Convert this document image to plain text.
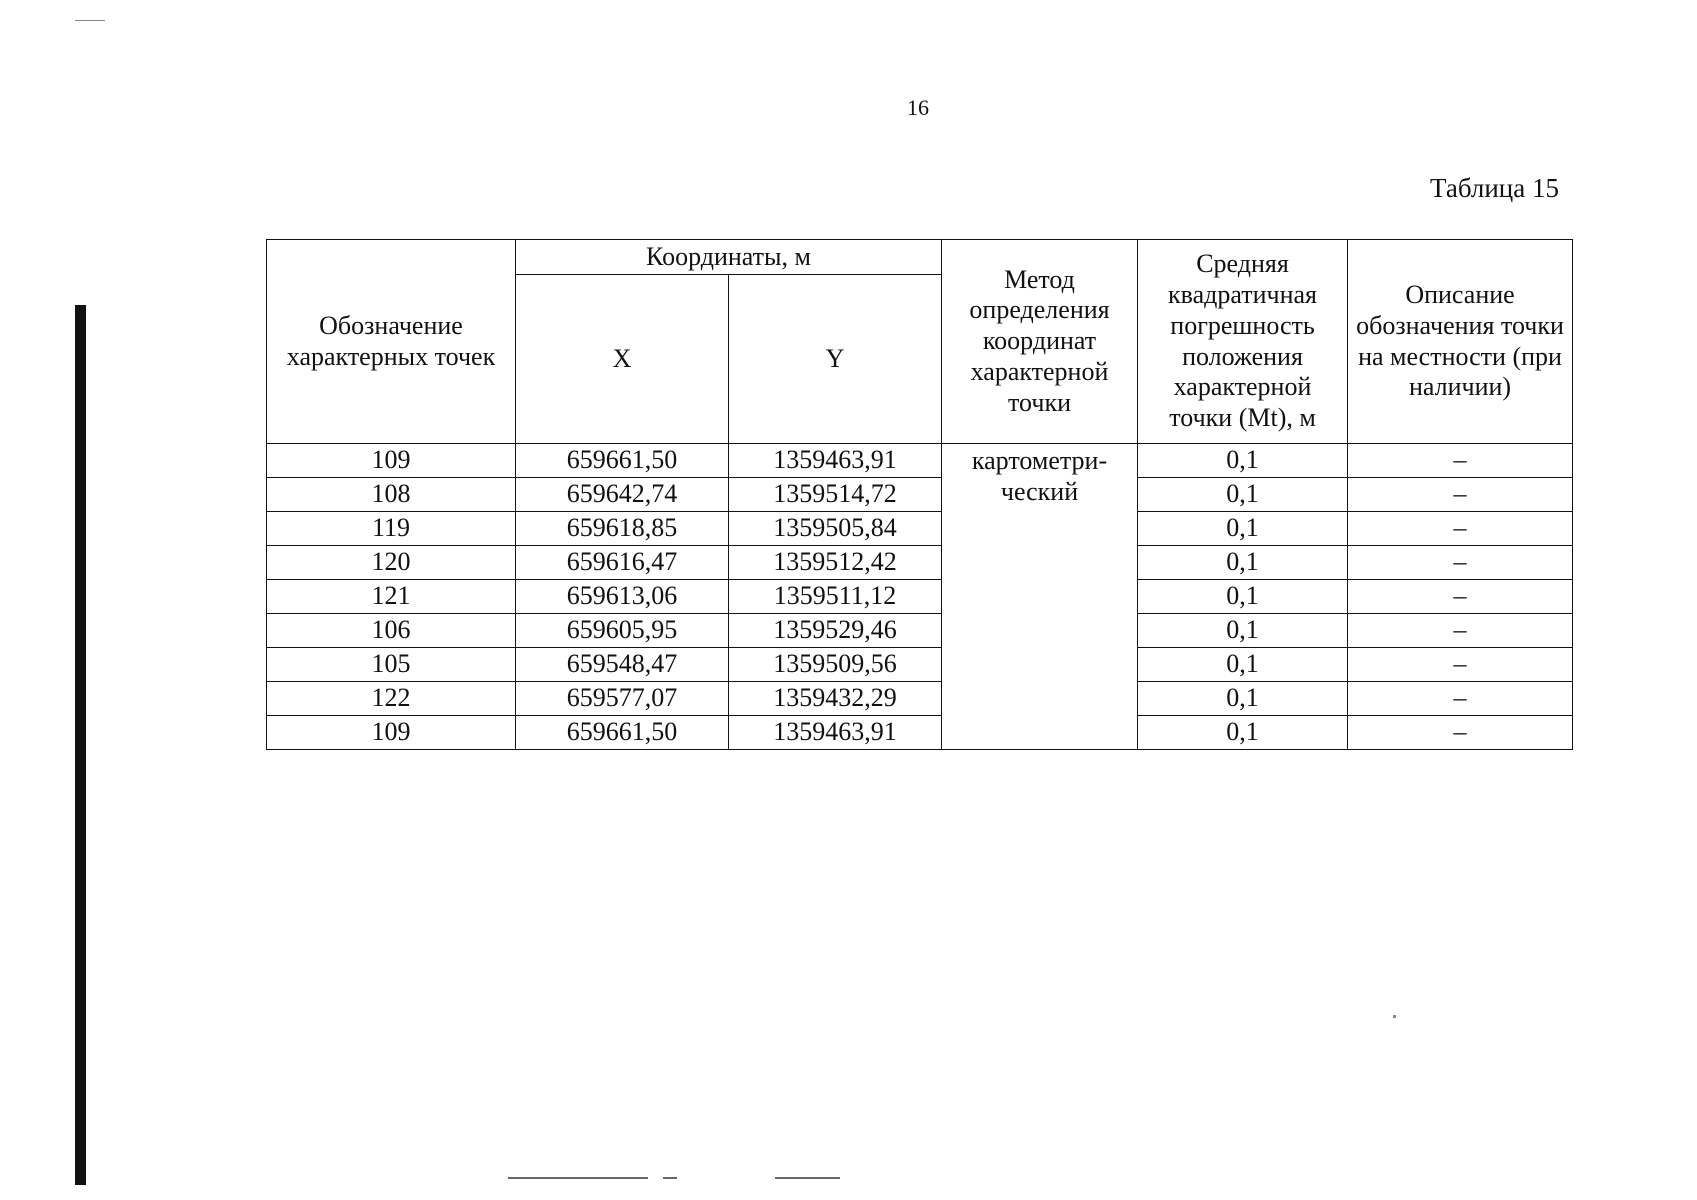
16
Таблица 15
Обозначение характерных точек	Координаты, м		Метод определения координат характерной точки	Средняя квадратичная погрешность положения характерной точки (Mt), м	Описание обозначения точки на местности (при наличии)
	X	Y			
109	659661,50	1359463,91	картометри-ческий	0,1	–
108	659642,74	1359514,72		0,1	–
119	659618,85	1359505,84		0,1	–
120	659616,47	1359512,42		0,1	–
121	659613,06	1359511,12		0,1	–
106	659605,95	1359529,46		0,1	–
105	659548,47	1359509,56		0,1	–
122	659577,07	1359432,29		0,1	–
109	659661,50	1359463,91		0,1	–
